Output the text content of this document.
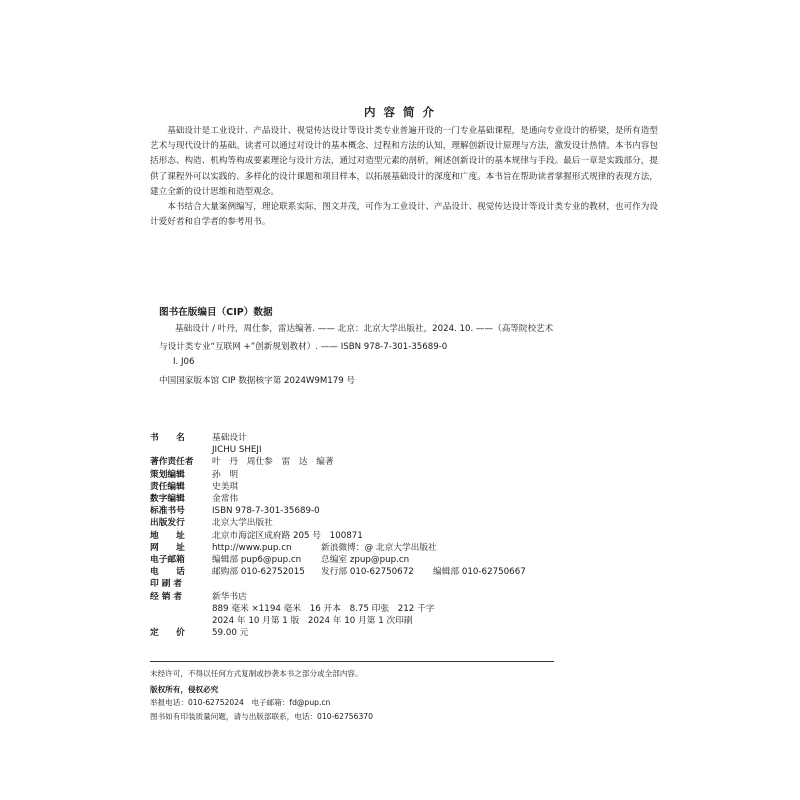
内 容 简 介

基础设计是工业设计、产品设计、视觉传达设计等设计类专业普遍开设的一门专业基础课程，是通向专业设计的桥梁，是所有造型艺术与现代设计的基础。读者可以通过对设计的基本概念、过程和方法的认知，理解创新设计原理与方法，激发设计热情。本书内容包括形态、构造、机构等构成要素理论与设计方法，通过对造型元素的剖析，阐述创新设计的基本规律与手段。最后一章是实践部分，提供了课程外可以实践的、多样化的设计课题和项目样本，以拓展基础设计的深度和广度。本书旨在帮助读者掌握形式规律的表现方法，建立全新的设计思维和造型观念。

本书结合大量案例编写，理论联系实际，图文并茂，可作为工业设计、产品设计、视觉传达设计等设计类专业的教材，也可作为设计爱好者和自学者的参考用书。

图书在版编目（CIP）数据
基础设计 / 叶丹，周仕参，雷达编著. —— 北京：北京大学出版社，2024. 10. ——（高等院校艺术
与设计类专业“互联网 +”创新规划教材）. —— ISBN 978-7-301-35689-0
Ⅰ. J06
中国国家版本馆 CIP 数据核字第 2024W9M179 号
书　　名	基础设计
JICHU SHEJI
著作责任者	叶　丹　周仕参　雷　达　编著
策划编辑	孙　明
责任编辑	史美琪
数字编辑	金常伟
标准书号	ISBN 978-7-301-35689-0
出版发行	北京大学出版社
地　　址	北京市海淀区成府路 205 号　100871
网　　址	http://www.pup.cn	新浪微博：@ 北京大学出版社
电子邮箱	编辑部 pup6@pup.cn 总编室 zpup@pup.cn
电　　话	邮购部 010-62752015 发行部 010-62750672 编辑部 010-62750667
印 刷 者
经 销 者	新华书店
889 毫米 ×1194 毫米　16 开本　8.75 印张　212 千字
2024 年 10 月第 1 版　2024 年 10 月第 1 次印刷
定　　价	59.00 元
未经许可，不得以任何方式复制或抄袭本书之部分或全部内容。
版权所有，侵权必究
举报电话：010-62752024　电子邮箱：fd@pup.cn
图书如有印装质量问题，请与出版部联系，电话：010-62756370
